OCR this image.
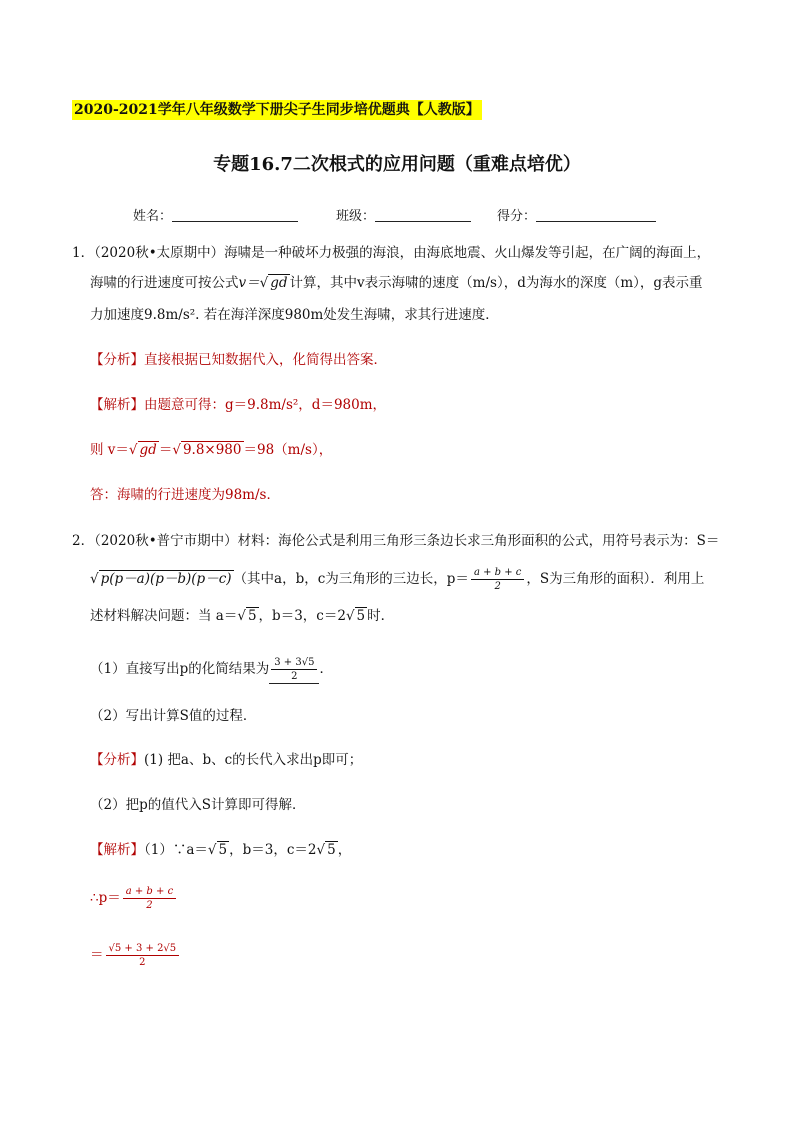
2020-2021学年八年级数学下册尖子生同步培优题典【人教版】
专题16.7二次根式的应用问题（重难点培优）
姓名：	班级：	得分：
1．（2020秋•太原期中）海啸是一种破坏力极强的海浪，由海底地震、火山爆发等引起，在广阔的海面上，
海啸的行进速度可按公式v＝√ gd 计算，其中v表示海啸的速度（m/s），d为海水的深度（m），g表示重
力加速度9.8m/s². 若在海洋深度980m处发生海啸，求其行进速度．
【分析】直接根据已知数据代入，化简得出答案．
【解析】由题意可得：g＝9.8m/s²，d＝980m，
则 v＝√ gd ＝√ 9.8×980 ＝98（m/s），
答：海啸的行进速度为98m/s．
2．（2020秋•普宁市期中）材料：海伦公式是利用三角形三条边长求三角形面积的公式，用符号表示为：S＝
√ p(p－a)(p－b)(p－c) （其中a，b，c为三角形的三边长，$p= \frac{a + b + c}{2}$ ，S为三角形的面积）．利用上
述材料解决问题：当 a＝√ 5 ，b＝3，c＝2√ 5 时．
（1）直接写出p的化简结果为 $\frac{3 + 3√5}{2}$ ．
（2）写出计算S值的过程．
【分析】(1) 把a、b、c的长代入求出p即可；
（2）把p的值代入S计算即可得解．
【解析】（1）∵a＝√ 5 ，b＝3，c＝2√ 5 ，
∴p＝ $\frac{a + b + c}{2}$
＝ $\frac{√5 + 3 + 2√5}{2}$
